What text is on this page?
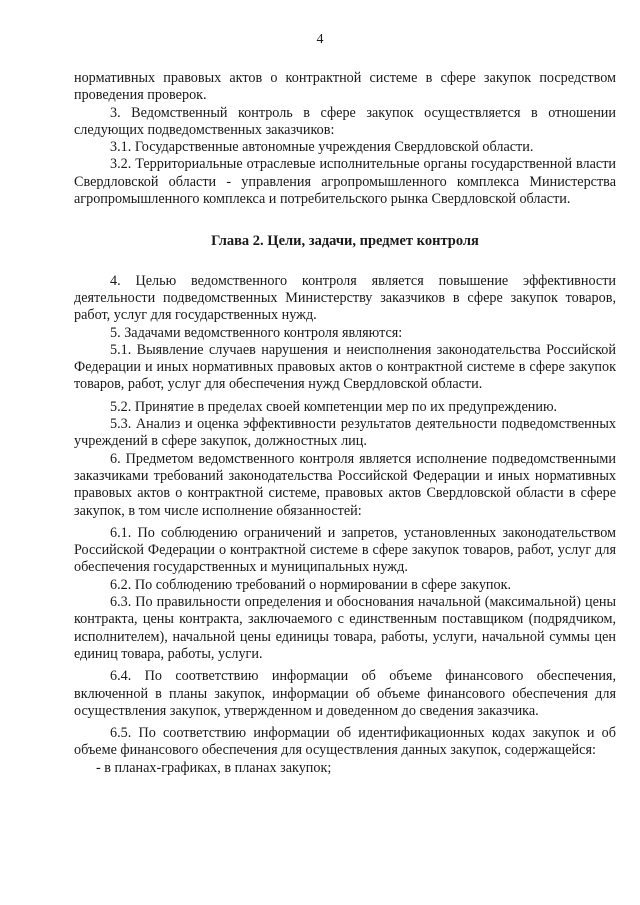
4

нормативных правовых актов о контрактной системе в сфере закупок посредством проведения проверок.

3. Ведомственный контроль в сфере закупок осуществляется в отношении следующих подведомственных заказчиков:

3.1. Государственные автономные учреждения Свердловской области.

3.2. Территориальные отраслевые исполнительные органы государственной власти Свердловской области - управления агропромышленного комплекса Министерства агропромышленного комплекса и потребительского рынка Свердловской области.

Глава 2. Цели, задачи, предмет контроля

4. Целью ведомственного контроля является повышение эффективности деятельности подведомственных Министерству заказчиков в сфере закупок товаров, работ, услуг для государственных нужд.

5. Задачами ведомственного контроля являются:

5.1. Выявление случаев нарушения и неисполнения законодательства Российской Федерации и иных нормативных правовых актов о контрактной системе в сфере закупок товаров, работ, услуг для обеспечения нужд Свердловской области.

5.2. Принятие в пределах своей компетенции мер по их предупреждению.

5.3. Анализ и оценка эффективности результатов деятельности подведомственных учреждений в сфере закупок, должностных лиц.

6. Предметом ведомственного контроля является исполнение подведомственными заказчиками требований законодательства Российской Федерации и иных нормативных правовых актов о контрактной системе, правовых актов Свердловской области в сфере закупок, в том числе исполнение обязанностей:

6.1. По соблюдению ограничений и запретов, установленных законодательством Российской Федерации о контрактной системе в сфере закупок товаров, работ, услуг для обеспечения государственных и муниципальных нужд.

6.2. По соблюдению требований о нормировании в сфере закупок.

6.3. По правильности определения и обоснования начальной (максимальной) цены контракта, цены контракта, заключаемого с единственным поставщиком (подрядчиком, исполнителем), начальной цены единицы товара, работы, услуги, начальной суммы цен единиц товара, работы, услуги.

6.4. По соответствию информации об объеме финансового обеспечения, включенной в планы закупок, информации об объеме финансового обеспечения для осуществления закупок, утвержденном и доведенном до сведения заказчика.

6.5. По соответствию информации об идентификационных кодах закупок и об объеме финансового обеспечения для осуществления данных закупок, содержащейся:

- в планах-графиках, в планах закупок;
